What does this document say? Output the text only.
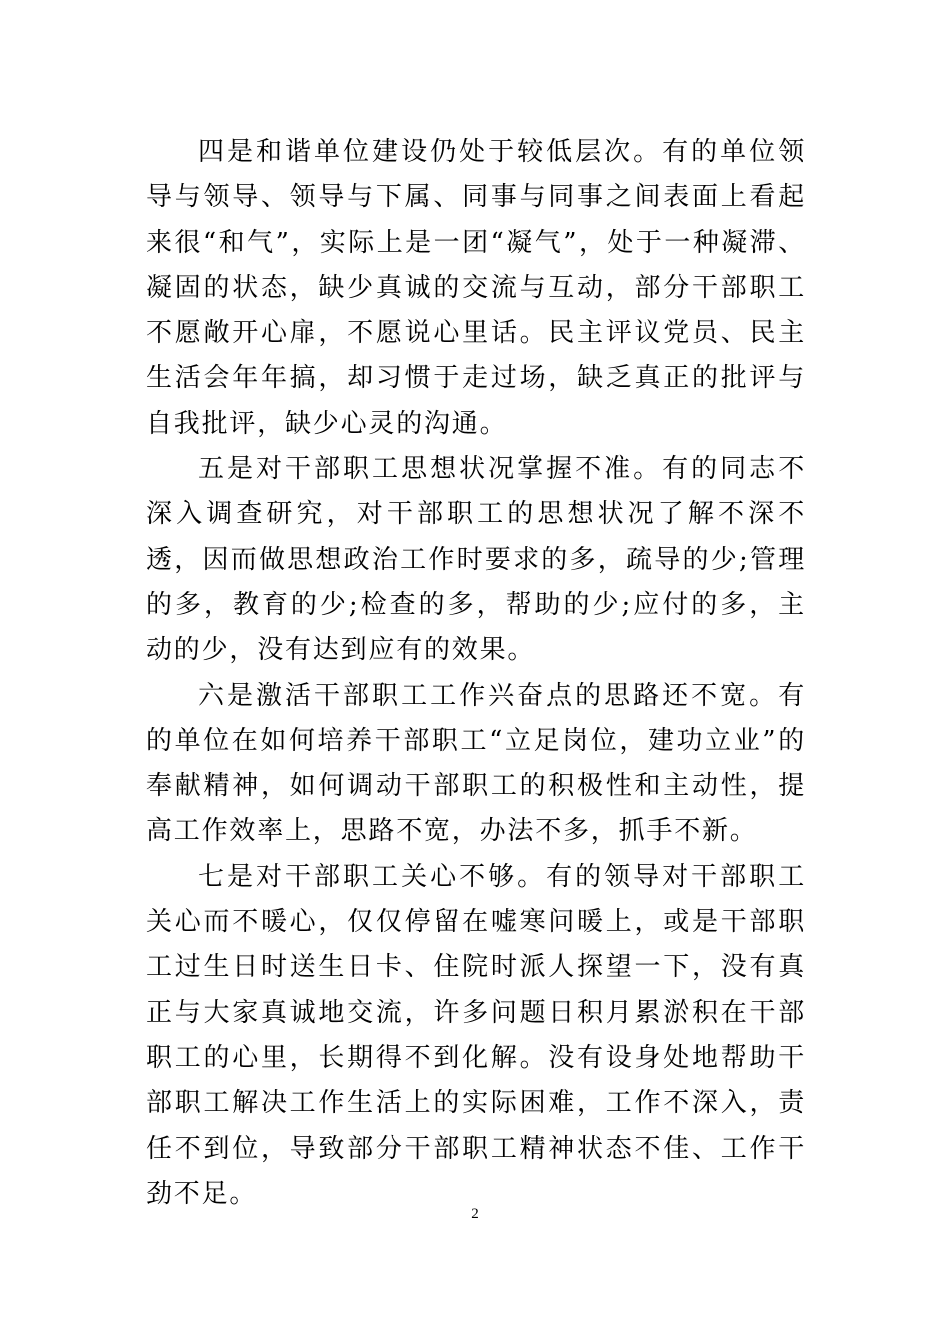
四是和谐单位建设仍处于较低层次。有的单位领导与领导、领导与下属、同事与同事之间表面上看起来很“和气”，实际上是一团“凝气”，处于一种凝滞、凝固的状态，缺少真诚的交流与互动，部分干部职工不愿敞开心扉，不愿说心里话。民主评议党员、民主生活会年年搞，却习惯于走过场，缺乏真正的批评与自我批评，缺少心灵的沟通。

五是对干部职工思想状况掌握不准。有的同志不深入调查研究，对干部职工的思想状况了解不深不透，因而做思想政治工作时要求的多，疏导的少;管理的多，教育的少;检查的多，帮助的少;应付的多，主动的少，没有达到应有的效果。

六是激活干部职工工作兴奋点的思路还不宽。有的单位在如何培养干部职工“立足岗位，建功立业”的奉献精神，如何调动干部职工的积极性和主动性，提高工作效率上，思路不宽，办法不多，抓手不新。

七是对干部职工关心不够。有的领导对干部职工关心而不暖心，仅仅停留在嘘寒问暖上，或是干部职工过生日时送生日卡、住院时派人探望一下，没有真正与大家真诚地交流，许多问题日积月累淤积在干部职工的心里，长期得不到化解。没有设身处地帮助干部职工解决工作生活上的实际困难，工作不深入，责任不到位，导致部分干部职工精神状态不佳、工作干劲不足。

2
